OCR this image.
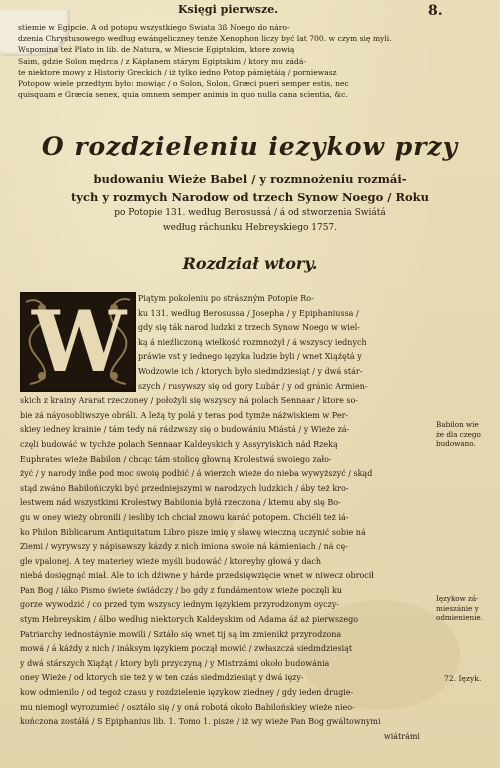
Księgi pierwsze.	8.
stiemie w Egipcie. A od potopu wszystkiego Swiata 3ß Noego do náro-
dzenia Chrystusowego według ewángeliczney tenże Xenophon liczy być lat 700. w czym się myli.
Wspomina też Plato in lib. de Natura, w Miescie Egiptskim, ktore zowią
Saim, gdzie Solon mędrca / z Kápłanem stárym Egiptskim / ktory mu zádá-
te niektore mowy z Historiy Greckich / iż tylko iedno Potop pámiętáią / porniewasz
Potopow wiele przedtym było: mowiąc / o Solon, Solon, Græci pueri semper estis, nec
quisquam e Græcia senex, quia omnem semper animis in quo nulla cana scientia, &c.
O rozdzieleniu iezykow przy
budowaniu Wieże Babel / y rozmnożeniu rozmái-
tych y rozmych Narodow od trzech Synow Noego / Roku
po Potopie 131. według Berosussá / á od stworzenia Swiátá
według ráchunku Hebreyskiego 1757.
Rozdział wtory.
W	Piątym pokoleniu po strászným Potopie Ro-
ku 131. według Berosussa / Josepha / y Epiphaniussa /
gdy się ták narod ludzki z trzech Synow Noego w wiel-
ką á nieźliczoną wielkość rozmnożył / á wszyscy iednych
práwie vst y iednego ięzyka ludzie byli / wnet Xiąźętá y
Wodzowie ich / ktorych było siedmdziesiąt / y dwá stár-
szych / rusywszy się od gory Lubár / y od gránic Armien-
skich z krainy Ararat rzeczoney / położyli się wszyscy ná polach Sennaar / ktore so-
bie zá náyosobliwszye obráli. A leżą ty polá y teras pod tymże náżwiskiem w Per-
skiey iedney krainie / tám tedy ná rádzwszy się o budowániu Miástá / y Wieże zá-
częli budowáć w tychże polach Sennaar Kaldeyskich y Assyryiskich nád Rzeką
Euphrates wieże Babilon / chcąc tám stolicę głowną Krolestwá swoiego zało-
żyć / y narody inße pod moc swoię podbić / á wierzch wieże do nieba wywyższyć / skąd
stąd zwáno Babilońiczyki być przedniejszymi w narodzych ludzkich / áby też kro-
lestwem nád wszystkimi Krolestwy Babilonia byłá rzeczona / ktemu aby się Bo-
gu w oney wieży obronili / iesliby ich chciał znowu karáć potopem. Chciéli też iá-
ko Philon Biblicarum Antiquitatum Libro pisze imię y sławę wieczną uczynić sobie ná
Ziemi / wyrywszy y nápisawszy kázdy z nich imiona swoie ná kámieniach / ná cę-
gle vpalonej. A tey materiey wieże myśli budowáć / ktoreyby głowá y dach
niebá dosięgnąć miał. Ale to ich dźiwne y hárde przedsięwzięcie wnet w niwecz obrocił
Pan Bog / iáko Pismo świete świádczy / bo gdy z fundámentow wieże poczęli ku
gorze wywodzić / co przed tym wszyscy iednym ięzykiem przyrodzonym oyczy-
stym Hebreyskim / álbo według niektorych Kaldeyskim od Adama áź aż pierwszego
Patriarchy iednostáynie mowili / Sztáło się wnet tij są im zmienikż przyrodzona
mowá / á káżdy z nich / ináksym ięzykiem począł mowić / zwłaszczá siedmdziesiąt
y dwá stárszych Xiąźąt / ktory byli przyczyną / y Mistrzámi około budowánia
oney Wieże / od ktorych sie też y w ten czás siedmdziesiąt y dwá ięzy-
kow odmienilo / od tegoż czasu y rozdzielenie ięzykow ziedney / gdy ieden drugie-
mu niemogł wyrozumieć / osztáło się / y oná robotá około Babilońskiey wieże nieo-
kończona zostáłá / S Epiphanius lib. 1. Tomo 1. pisze / iż wy wieże Pan Bog gwáltownymi
wiátrámi
Babilon wie
że dla czego
budowano.
Ięzykow zá-
mieszánie y
odmienienie.
72. Ięzyk.
